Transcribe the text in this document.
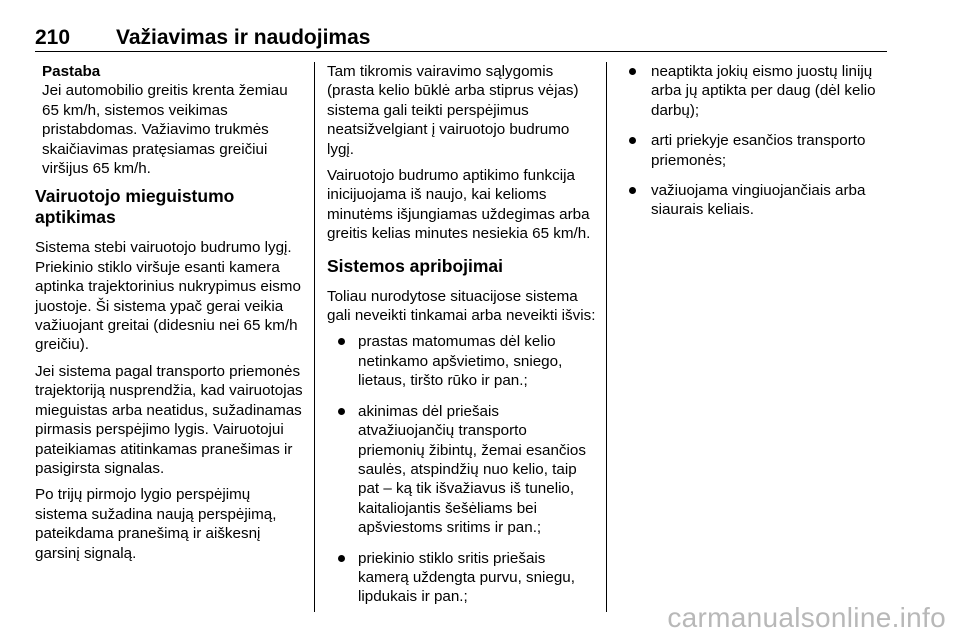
210 Važiavimas ir naudojimas
Pastaba
Jei automobilio greitis krenta žemiau 65 km/h, sistemos veikimas pristabdomas. Važiavimo trukmės skaičiavimas pratęsiamas greičiui viršijus 65 km/h.
Vairuotojo mieguistumo aptikimas

Sistema stebi vairuotojo budrumo lygį. Priekinio stiklo viršuje esanti kamera aptinka trajektorinius nukrypimus eismo juostoje. Ši sistema ypač gerai veikia važiuojant greitai (didesniu nei 65 km/h greičiu).

Jei sistema pagal transporto priemonės trajektoriją nusprendžia, kad vairuotojas mieguistas arba neatidus, sužadinamas pirmasis perspėjimo lygis. Vairuotojui pateikiamas atitinkamas pranešimas ir pasigirsta signalas.

Po trijų pirmojo lygio perspėjimų sistema sužadina naują perspėjimą, pateikdama pranešimą ir aiškesnį garsinį signalą.

Tam tikromis vairavimo sąlygomis (prasta kelio būklė arba stiprus vėjas) sistema gali teikti perspėjimus neatsižvelgiant į vairuotojo budrumo lygį.

Vairuotojo budrumo aptikimo funkcija inicijuojama iš naujo, kai kelioms minutėms išjungiamas uždegimas arba greitis kelias minutes nesiekia 65 km/h.

Sistemos apribojimai

Toliau nurodytose situacijose sistema gali neveikti tinkamai arba neveikti išvis:

prastas matomumas dėl kelio netinkamo apšvietimo, sniego, lietaus, tiršto rūko ir pan.;
akinimas dėl priešais atvažiuojančių transporto priemonių žibintų, žemai esančios saulės, atspindžių nuo kelio, taip pat – ką tik išvažiavus iš tunelio, kaitaliojantis šešėliams bei apšviestoms sritims ir pan.;
priekinio stiklo sritis priešais kamerą uždengta purvu, sniegu, lipdukais ir pan.;
neaptikta jokių eismo juostų linijų arba jų aptikta per daug (dėl kelio darbų);
arti priekyje esančios transporto priemonės;
važiuojama vingiuojančiais arba siaurais keliais.
carmanualsonline.info
